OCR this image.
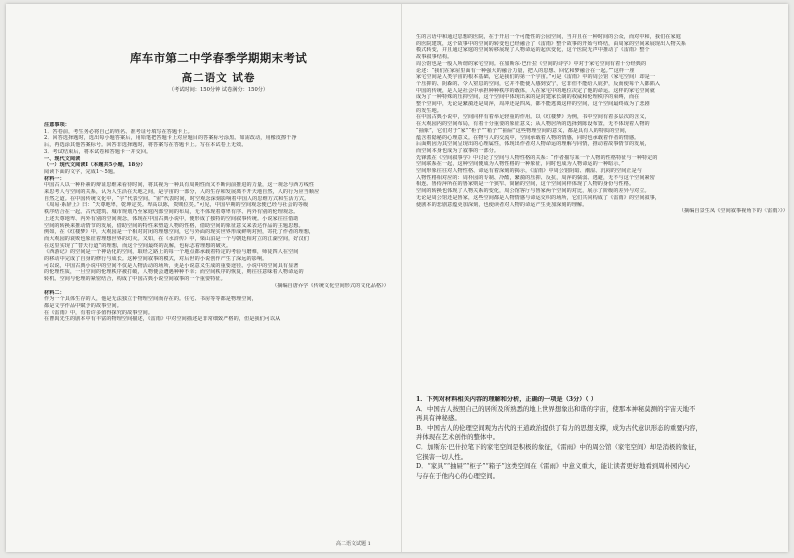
库车市第二中学春季学期期末考试
高二语文 试卷
（考试时间：150分钟 试卷满分：150分）
注意事项：
1．答卷前，考生务必将自己的姓名、准考证号填写在答题卡上。
2．回答选择题时，选出每小题答案后，用铅笔把答题卡上对应题目的答案标号涂黑。如需改动，用橡皮擦干净
后，再选涂其他答案标号。回答非选择题时，将答案写在答题卡上。写在本试卷上无效。
3．考试结束后，将本试卷和答题卡一并交回。
一、现代文阅读
（一）现代文阅读Ⅰ（本题共5小题，18分）
阅读下面的文字，完成1～5题。
材料一：
中国古人以一种朴素的辩证思维来看待时间，将其视为一种具有周期性而又不断向前推进的力量，这一观念与西方线性
来思考人与空间的关系，认为人生活在天地之间，是宇宙的一部分，人的生存和发展离不开天地自然，人的行为应当顺应
自然之道。在中国传统文化中，“宇”代表空间，“宙”代表时间，时空观念深刻影响着中国人的思维方式和生活方式。
《周易·系辞上》曰：“天尊地卑，乾坤定矣。卑高以陈，贵贱位矣。”可见，中国早期的空间观念便已经与社会的等级
秩序结合在一起。古代建筑、城市规划乃至家庭内部空间的布局，无不体现着尊卑有序、内外有别的伦理观念。
上述天尊地卑、内外有别的空间观念，体现在中国古典小说中，便形成了独特的空间叙事传统。小说家往往借助
空间的转换来推动情节的发展，借助空间的特性来塑造人物的性格，借助空间的象征意义来表达作品的主题思想。
例如，在《红楼梦》中，大观园是一个相对封闭的理想空间，它与外面的现实世界形成鲜明对照，寄托了作者的理想，
而大观园的衰败也象征着理想世界的幻灭。又如，在《水浒传》中，梁山泊是一个与朝廷相对立的江湖空间，好汉们
在这里实现了“替天行道”的理想，而这个空间最终的瓦解，也标志着理想的破灭。
《西游记》的空间是一个神话化的空间，取经之路上的每一个地点都承载着特定的考验与磨难，师徒四人在空间
的移动中完成了自身的修行与成长。这种空间叙事的模式，对后世的小说创作产生了深远的影响。
可以说，中国古典小说中的空间不仅是人物活动的场所，更是小说意义生成的重要途径。小说中的空间具有显著
的伦理性质，一旦空间的伦理秩序被打破，人物便会遭遇种种不幸；而空间秩序的恢复，则往往意味着人物命运的
转机。空间与伦理的紧密结合，构成了中国古典小说空间叙事的一个重要特征。
（摘编自唐乔学《传统文化空间形式的文化品格》）
材料二：
作为一个具体生存的人，他是无法独立于物理空间而存在的。住宅、书房等等都是物理空间，
都是文学作品中赋予的故事空间。
在《雷雨》中，有着许多值得探究的故事空间。
在曹禺先生的剧本中有丰富的物理空间描述，《雷雨》中对空间描述是非常细致严格的，但是我们可以从
生的言语中和通过思想的医院，在于开启一个可能性的公园空间，当并且在一种时间的公众，而对中和，我们在家庭
的医院建筑，这个故事中的空间的转变也已经融合了《雷雨》整个故事的开始与终结，由周家的空间来展现出人物关系
模式转变，并且通过家庭的空间转移展现了人物命运的起伏变化，这个医院无声中推动了《雷雨》整个
故事叙事结构。
周公馆也是一般人所谓的家宅空间。在加斯东·巴什拉《空间的诗学》中对于家宅空间有着十分经典的
论述：“我们在家屋里面有一种强大的融合力量，把人的思想、回忆和梦融合在一起。”“这样一座
家宅空间是人类宇宙的根本基础，它是我们的第一个宇宙。”可是《雷雨》中的周公馆（家宅空间）却是一
个压抑的、阴森的、令人窒息的空间，它并不能使人感到安宁，它非但不能给人庇护，反而使每个人都陷入
中国的传统，是人是社会中承担种种秩序的载体，人在家宅中的地位决定了他的命运。这样的家宅空间就
成为了一种特殊的压抑空间，这个空间中体现出来的是封建家长制的权威和伦理秩序的束缚，而在
整个空间中，无论是繁漪还是周萍，周冲还是四凤，都不能逃离这样的空间，这个空间最终成为了悲剧
的发生地。
在中国古典小说中，空间同样有着举足轻重的作用。以《红楼梦》为例，书中空间有着多层次的含义，
在大观园内的空间布局，有着十分重要的象征意义；从人物居所的选择到陈设布置，无不体现着人物的
“抽象”，它们对于“家”“柜子”“箱子”“抽屉”这些物理空间的意义，都是具有人的特质的空间，
蕴含着隐秘的心理意义。在物与人的交流中，空间承载着人物的情感，同时也承载着作者的情感。
后面则因为其空间呈现出的心理属性，体现出作者对人物命运的理解与同情，推动着故事情节的发展，
而空间本身也成为了叙事的一部分。
先锋派在《空间叙事学》中讨论了空间与人物性格的关系：“作者描写某一个人物的性格特征与一种特定的
空间联系在一起，这种空间便成为人物性格的一种象征，同时也成为人物命运的一种暗示。”
空间形象往往对人物性格、命运有着深刻的揭示，《雷雨》中周公馆阴暗、潮湿、沉闷的空间正是与
人物性格相对应的：周朴园的专制、冷酷，繁漪的压抑、反抗，周萍的懦弱、逃避，无不与这个空间紧密
相连。鲁侍萍所在的鲁家则是一个狭窄、简陋的空间，这个空间同样体现了人物的身份与性格。
空间的转换也体现了人物关系的变化，周公馆客厅与鲁家两个空间的对比，展示了阶级的差异与对立。
无论是周公馆还是鲁家，这些空间都是人物情感与命运交织的场所，它们共同构成了《雷雨》的空间叙事，
使剧本的悲剧意蕴更加深刻，也使读者对人物的命运产生更加深刻的理解。
（摘编自景生凤《空间叙事视角下的〈雷雨〉》）
1．下列对材料相关内容的理解和分析，正确的一项是（3分）（ ）
A．中国古人按照自己的居所及所熟悉的地上世界想象出和谐的宇宙，使那本神秘莫测的宇宙天地不
再具有神秘感。
B．中国古人的伦理空间观为古代的王道政治提供了有力的思想支撑，成为古代意识形态的重要内容，
并体现在艺术创作的整体中。
C．加斯东·巴什拉笔下的家宅空间是积极的象征，《雷雨》中的周公馆（家宅空间）却是消极的象征，
它损害一切人性。
D．“家具”“抽屉”“柜子”“箱子”这类空间在《雷雨》中意义重大，能让读者更好地看到周朴园内心
与存在于他内心的心理空间。
高二语文试题 1
